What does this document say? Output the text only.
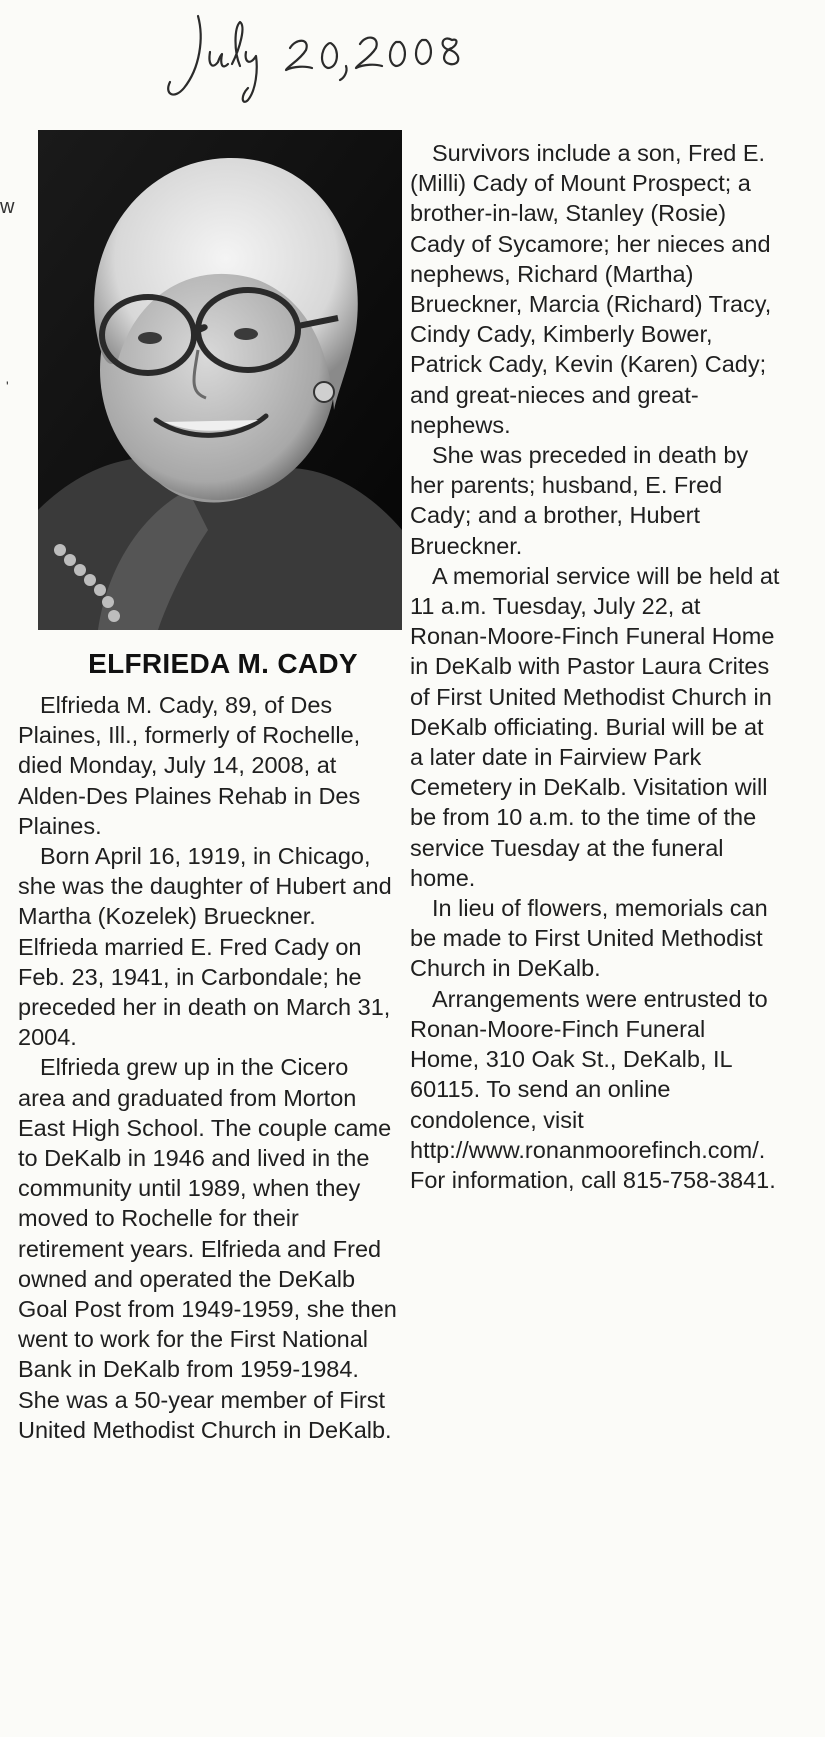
w
'
ELFRIEDA M. CADY

Elfrieda M. Cady, 89, of Des Plaines, Ill., formerly of Rochelle, died Monday, July 14, 2008, at Alden-Des Plaines Rehab in Des Plaines.

Born April 16, 1919, in Chicago, she was the daughter of Hubert and Martha (Kozelek) Brueckner. Elfrieda married E. Fred Cady on Feb. 23, 1941, in Carbondale; he preceded her in death on March 31, 2004.

Elfrieda grew up in the Cicero area and graduated from Morton East High School. The couple came to DeKalb in 1946 and lived in the community until 1989, when they moved to Rochelle for their retirement years. Elfrieda and Fred owned and operated the DeKalb Goal Post from 1949-1959, she then went to work for the First National Bank in DeKalb from 1959-1984. She was a 50-year member of First United Methodist Church in DeKalb.

Survivors include a son, Fred E. (Milli) Cady of Mount Prospect; a brother-in-law, Stanley (Rosie) Cady of Sycamore; her nieces and nephews, Richard (Martha) Brueckner, Marcia (Richard) Tracy, Cindy Cady, Kimberly Bower, Patrick Cady, Kevin (Karen) Cady; and great-nieces and great-nephews.

She was preceded in death by her parents; husband, E. Fred Cady; and a brother, Hubert Brueckner.

A memorial service will be held at 11 a.m. Tuesday, July 22, at Ronan-Moore-Finch Funeral Home in DeKalb with Pastor Laura Crites of First United Methodist Church in DeKalb officiating. Burial will be at a later date in Fairview Park Cemetery in DeKalb. Visitation will be from 10 a.m. to the time of the service Tuesday at the funeral home.

In lieu of flowers, memorials can be made to First United Methodist Church in DeKalb.

Arrangements were entrusted to Ronan-Moore-Finch Funeral Home, 310 Oak St., DeKalb, IL 60115. To send an online condolence, visit http://www.ronanmoorefinch.com/. For information, call 815-758-3841.
